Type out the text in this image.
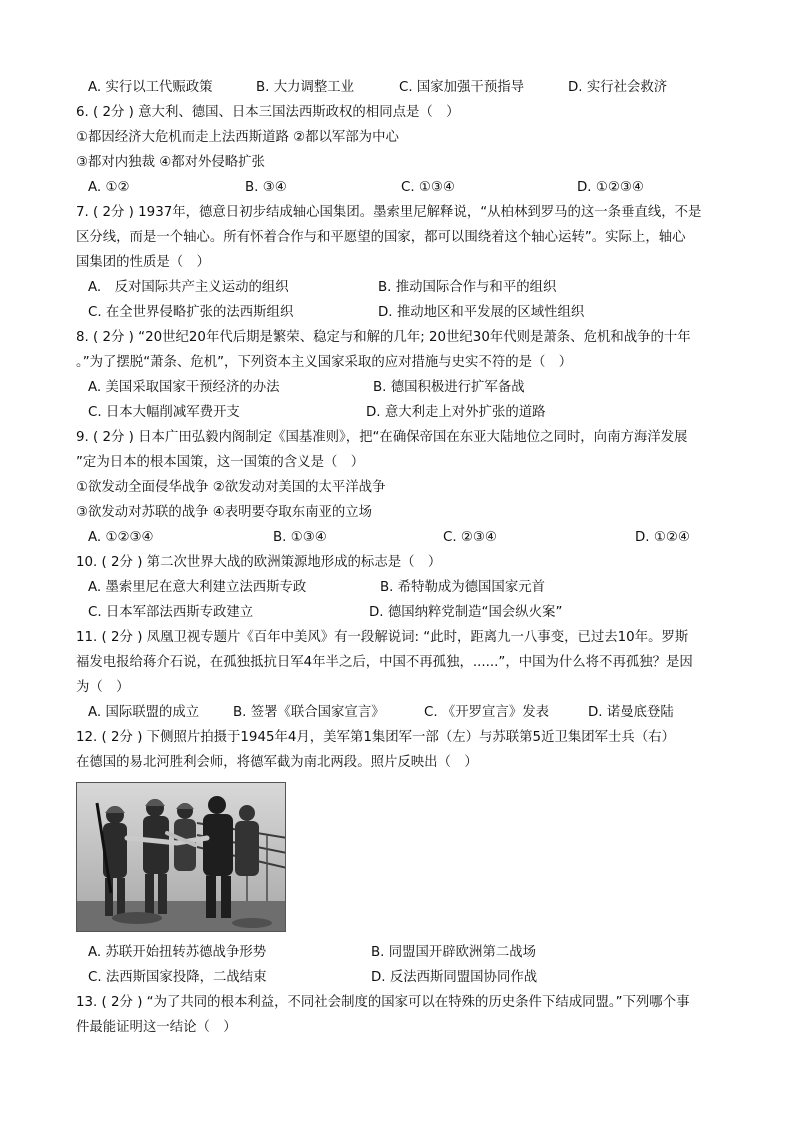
A. 实行以工代赈政策	B. 大力调整工业	C. 国家加强干预指导	D. 实行社会救济
6. ( 2分 ) 意大利、德国、日本三国法西斯政权的相同点是（　）
①都因经济大危机而走上法西斯道路 ②都以军部为中心
③都对内独裁 ④都对外侵略扩张
A. ①②	B. ③④	C. ①③④	D. ①②③④
7. ( 2分 ) 1937年，德意日初步结成轴心国集团。墨索里尼解释说，“从柏林到罗马的这一条垂直线，不是
区分线，而是一个轴心。所有怀着合作与和平愿望的国家，都可以围绕着这个轴心运转”。实际上，轴心
国集团的性质是（　）
A.　反对国际共产主义运动的组织	B. 推动国际合作与和平的组织
C. 在全世界侵略扩张的法西斯组织	D. 推动地区和平发展的区域性组织
8. ( 2分 ) “20世纪20年代后期是繁荣、稳定与和解的几年; 20世纪30年代则是萧条、危机和战争的十年
。”为了摆脱“萧条、危机”，下列资本主义国家采取的应对措施与史实不符的是（　）
A. 美国采取国家干预经济的办法	B. 德国积极进行扩军备战
C. 日本大幅削减军费开支	D. 意大利走上对外扩张的道路
9. ( 2分 ) 日本广田弘毅内阁制定《国基准则》，把“在确保帝国在东亚大陆地位之同时，向南方海洋发展
”定为日本的根本国策，这一国策的含义是（　）
①欲发动全面侵华战争 ②欲发动对美国的太平洋战争
③欲发动对苏联的战争 ④表明要夺取东南亚的立场
A. ①②③④	B. ①③④	C. ②③④	D. ①②④
10. ( 2分 ) 第二次世界大战的欧洲策源地形成的标志是（　）
A. 墨索里尼在意大利建立法西斯专政	B. 希特勒成为德国国家元首
C. 日本军部法西斯专政建立	D. 德国纳粹党制造“国会纵火案”
11. ( 2分 ) 凤凰卫视专题片《百年中美风》有一段解说词: “此时，距离九一八事变，已过去10年。罗斯
福发电报给蒋介石说，在孤独抵抗日军4年半之后，中国不再孤独，......”，中国为什么将不再孤独？是因
为（　）
A. 国际联盟的成立	B. 签署《联合国家宣言》	C. 《开罗宣言》发表	D. 诺曼底登陆
12. ( 2分 ) 下侧照片拍摄于1945年4月，美军第1集团军一部（左）与苏联第5近卫集团军士兵（右）
在德国的易北河胜利会师，将德军截为南北两段。照片反映出（　）
A. 苏联开始扭转苏德战争形势	B. 同盟国开辟欧洲第二战场
C. 法西斯国家投降，二战结束	D. 反法西斯同盟国协同作战
13. ( 2分 ) “为了共同的根本利益，不同社会制度的国家可以在特殊的历史条件下结成同盟。”下列哪个事
件最能证明这一结论（　）
